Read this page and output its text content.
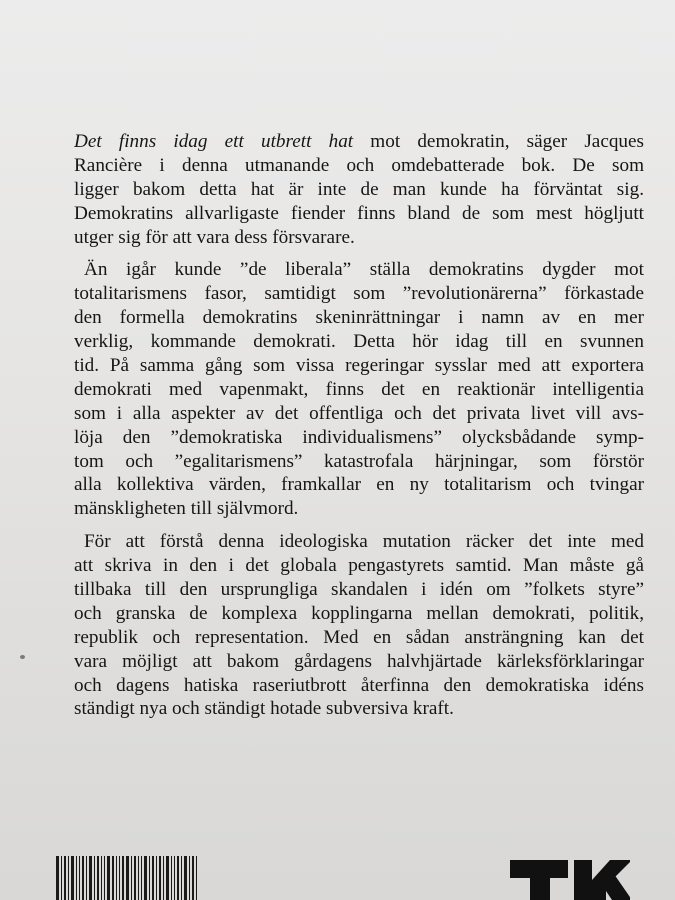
Det finns idag ett utbrett hat mot demokratin, säger Jacques
Rancière i denna utmanande och omdebatterade bok. De som
ligger bakom detta hat är inte de man kunde ha förväntat sig.
Demokratins allvarligaste fiender finns bland de som mest högljutt
utger sig för att vara dess försvarare.
Än igår kunde ”de liberala” ställa demokratins dygder mot
totalitarismens fasor, samtidigt som ”revolutionärerna” förkastade
den formella demokratins skeninrättningar i namn av en mer
verklig, kommande demokrati. Detta hör idag till en svunnen
tid. På samma gång som vissa regeringar sysslar med att exportera
demokrati med vapenmakt, finns det en reaktionär intelligentia
som i alla aspekter av det offentliga och det privata livet vill avs-
löja den ”demokratiska individualismens” olycksbådande symp-
tom och ”egalitarismens” katastrofala härjningar, som förstör
alla kollektiva värden, framkallar en ny totalitarism och tvingar
mänskligheten till självmord.
För att förstå denna ideologiska mutation räcker det inte med
att skriva in den i det globala pengastyrets samtid. Man måste gå
tillbaka till den ursprungliga skandalen i idén om ”folkets styre”
och granska de komplexa kopplingarna mellan demokrati, politik,
republik och representation. Med en sådan ansträngning kan det
vara möjligt att bakom gårdagens halvhjärtade kärleksförklaringar
och dagens hatiska raseriutbrott återfinna den demokratiska idéns
ständigt nya och ständigt hotade subversiva kraft.
